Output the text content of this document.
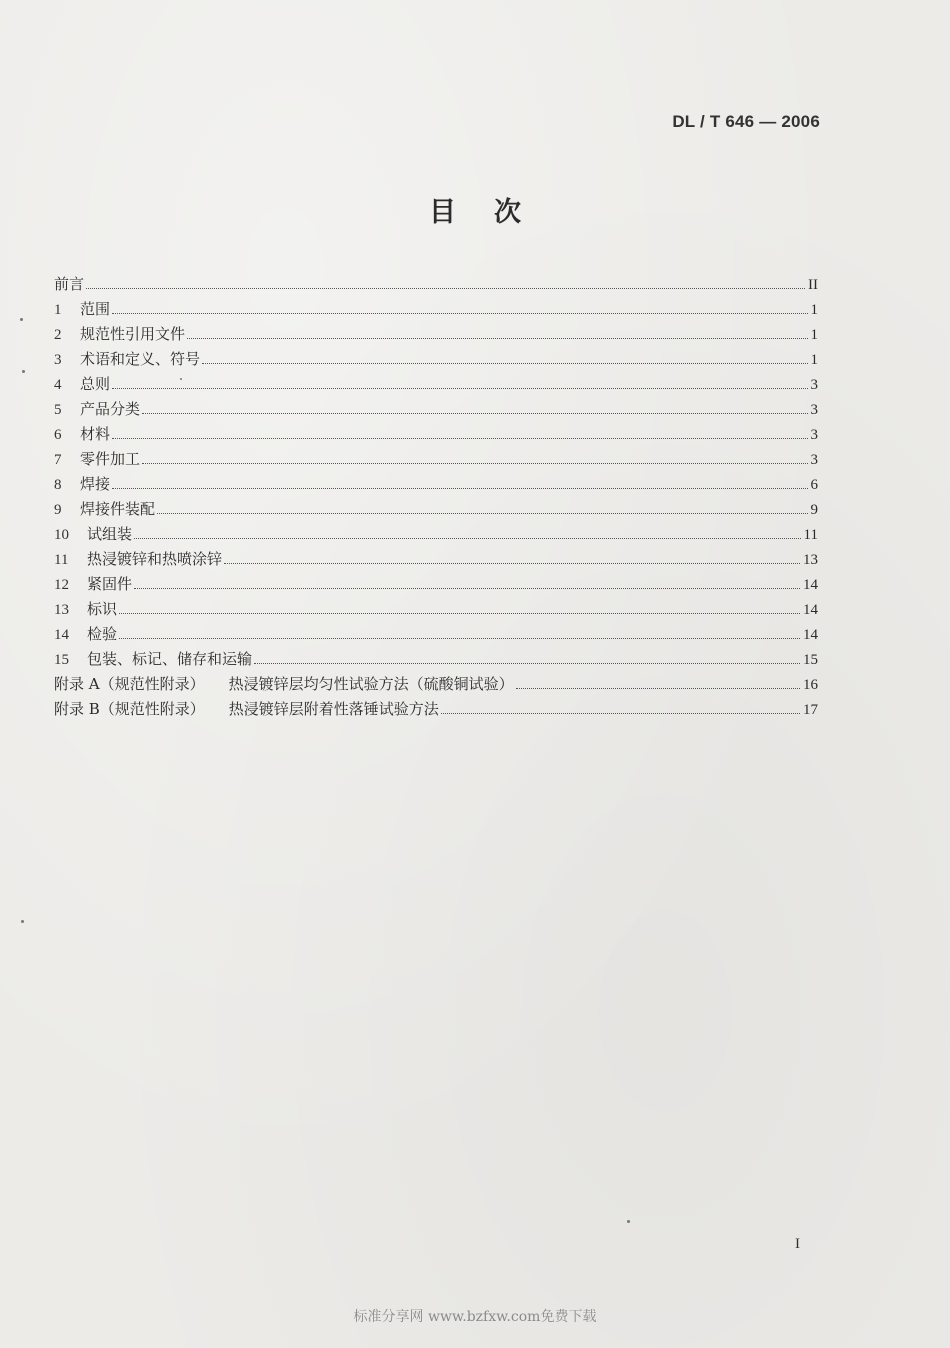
DL / T 646 — 2006
目次
前言	II
1	范围	1
2	规范性引用文件	1
3	术语和定义、符号	1
4	总则	3
5	产品分类	3
6	材料	3
7	零件加工	3
8	焊接	6
9	焊接件装配	9
10	试组装	11
11	热浸镀锌和热喷涂锌	13
12	紧固件	14
13	标识	14
14	检验	14
15	包装、标记、储存和运输	15
附录 A（规范性附录） 热浸镀锌层均匀性试验方法（硫酸铜试验）	16
附录 B（规范性附录） 热浸镀锌层附着性落锤试验方法	17
I
标准分享网 www.bzfxw.com免费下载
